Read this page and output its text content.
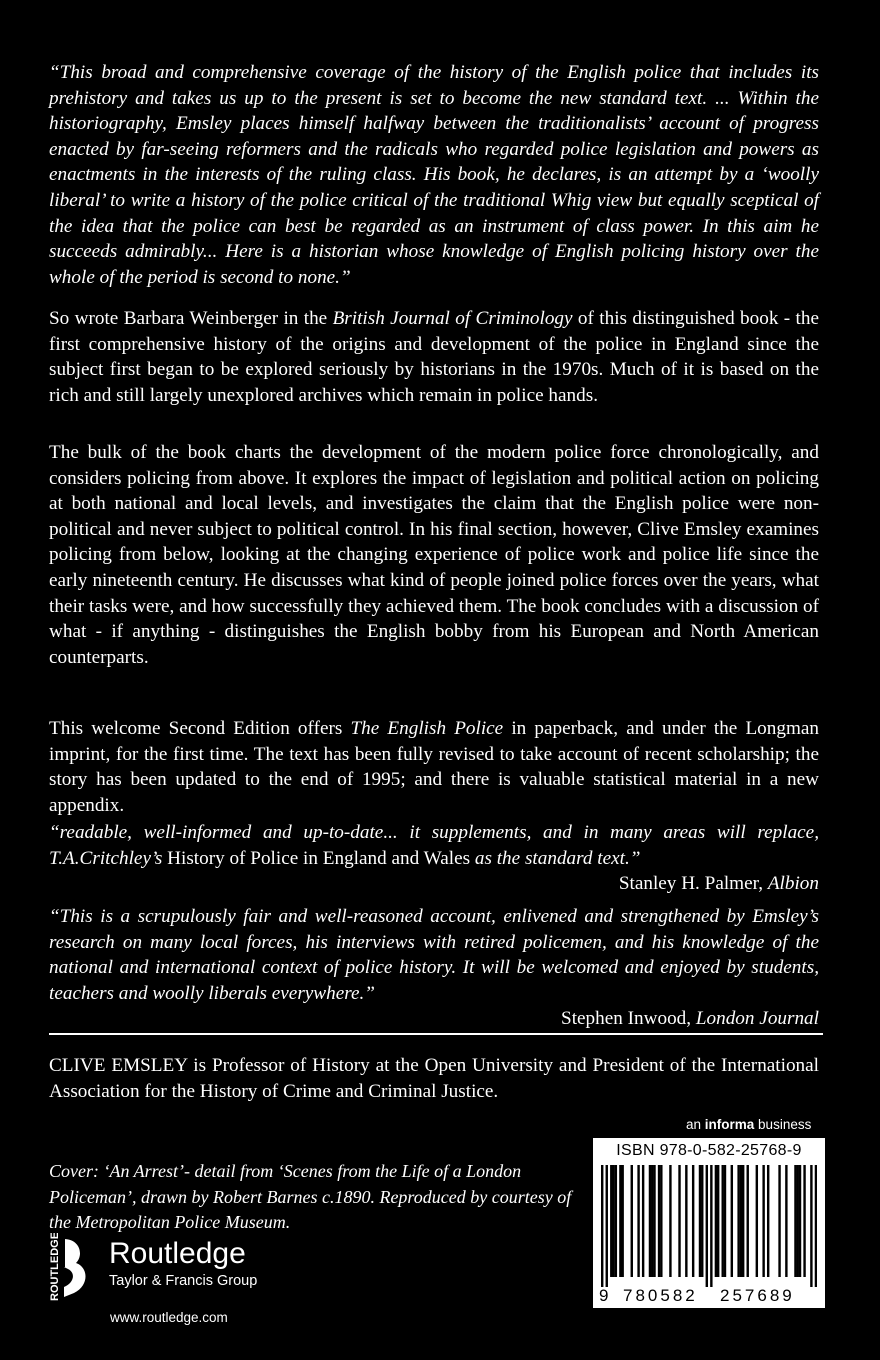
“This broad and comprehensive coverage of the history of the English police that includes its prehistory and takes us up to the present is set to become the new standard text. ... Within the historiography, Emsley places himself halfway between the traditionalists’ account of progress enacted by far-seeing reformers and the radicals who regarded police legislation and powers as enactments in the interests of the ruling class. His book, he declares, is an attempt by a ‘woolly liberal’ to write a history of the police critical of the traditional Whig view but equally sceptical of the idea that the police can best be regarded as an instrument of class power. In this aim he succeeds admirably... Here is a historian whose knowledge of English policing history over the whole of the period is second to none.”

So wrote Barbara Weinberger in the British Journal of Criminology of this distinguished book - the first comprehensive history of the origins and development of the police in England since the subject first began to be explored seriously by historians in the 1970s. Much of it is based on the rich and still largely unexplored archives which remain in police hands.

The bulk of the book charts the development of the modern police force chronologically, and considers policing from above. It explores the impact of legislation and political action on policing at both national and local levels, and investigates the claim that the English police were non-political and never subject to political control. In his final section, however, Clive Emsley examines policing from below, looking at the changing experience of police work and police life since the early nineteenth century. He discusses what kind of people joined police forces over the years, what their tasks were, and how successfully they achieved them. The book concludes with a discussion of what - if anything - distinguishes the English bobby from his European and North American counterparts.

This welcome Second Edition offers The English Police in paperback, and under the Longman imprint, for the first time. The text has been fully revised to take account of recent scholarship; the story has been updated to the end of 1995; and there is valuable statistical material in a new appendix.

“readable, well-informed and up-to-date... it supplements, and in many areas will replace, T.A.Critchley’s History of Police in England and Wales as the standard text.”
Stanley H. Palmer, Albion

“This is a scrupulously fair and well-reasoned account, enlivened and strengthened by Emsley’s research on many local forces, his interviews with retired policemen, and his knowledge of the national and international context of police history. It will be welcomed and enjoyed by students, teachers and woolly liberals everywhere.”
Stephen Inwood, London Journal

CLIVE EMSLEY is Professor of History at the Open University and President of the International Association for the History of Crime and Criminal Justice.

an informa business

Cover: ‘An Arrest’- detail from ‘Scenes from the Life of a London Policeman’, drawn by Robert Barnes c.1890. Reproduced by courtesy of the Metropolitan Police Museum.

ISBN 978-0-582-25768-9
9 780582 257689
ROUTLEDGE Routledge
Taylor & Francis Group
www.routledge.com
